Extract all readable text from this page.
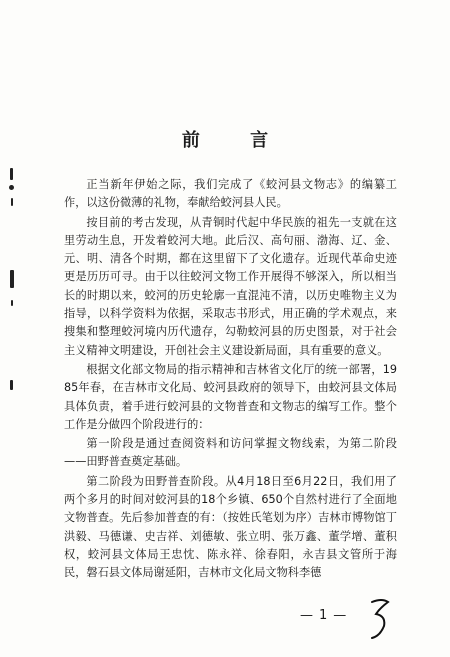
前 言

正当新年伊始之际，我们完成了《蛟河县文物志》的编纂工作，以这份微薄的礼物，奉献给蛟河县人民。

按目前的考古发现，从青铜时代起中华民族的祖先一支就在这里劳动生息，开发着蛟河大地。此后汉、高句丽、渤海、辽、金、元、明、清各个时期，都在这里留下了文化遗存。近现代革命史迹更是历历可寻。由于以往蛟河文物工作开展得不够深入，所以相当长的时期以来，蛟河的历史轮廓一直混沌不清，以历史唯物主义为指导，以科学资料为依据，采取志书形式，用正确的学术观点，来搜集和整理蛟河境内历代遗存，勾勒蛟河县的历史图景，对于社会主义精神文明建设，开创社会主义建设新局面，具有重要的意义。

根据文化部文物局的指示精神和吉林省文化厅的统一部署，1985年春，在吉林市文化局、蛟河县政府的领导下，由蛟河县文体局具体负责，着手进行蛟河县的文物普查和文物志的编写工作。整个工作是分做四个阶段进行的：

第一阶段是通过查阅资料和访问掌握文物线索，为第二阶段——田野普查奠定基础。

第二阶段为田野普查阶段。从4月18日至6月22日，我们用了两个多月的时间对蛟河县的18个乡镇、650个自然村进行了全面地文物普查。先后参加普查的有：（按姓氏笔划为序）吉林市博物馆丁洪毅、马德谦、史吉祥、刘德敏、张立明、张万鑫、董学增、董积权，蛟河县文体局王忠忱、陈永祥、徐春阳，永吉县文管所于海民，磐石县文体局谢延阳，吉林市文化局文物科李德

—1—
